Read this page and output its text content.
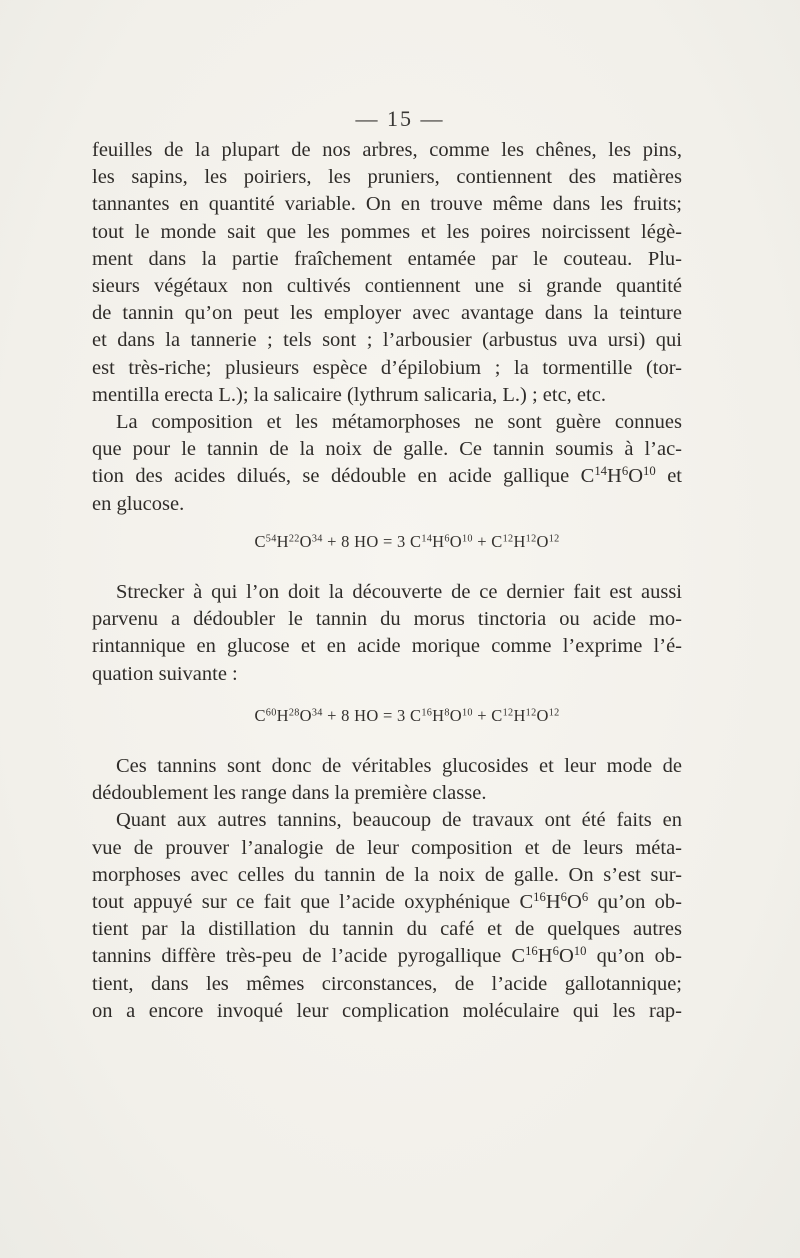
— 15 —
feuilles de la plupart de nos arbres, comme les chênes, les pins,
les sapins, les poiriers, les pruniers, contiennent des matières
tannantes en quantité variable. On en trouve même dans les fruits;
tout le monde sait que les pommes et les poires noircissent légè-
ment dans la partie fraîchement entamée par le couteau. Plu-
sieurs végétaux non cultivés contiennent une si grande quantité
de tannin qu’on peut les employer avec avantage dans la teinture
et dans la tannerie ; tels sont ; l’arbousier (arbustus uva ursi) qui
est très-riche; plusieurs espèce d’épilobium ; la tormentille (tor-
mentilla erecta L.); la salicaire (lythrum salicaria, L.) ; etc, etc.
La composition et les métamorphoses ne sont guère connues
que pour le tannin de la noix de galle. Ce tannin soumis à l’ac-
tion des acides dilués, se dédouble en acide gallique $C^{14}H^6O^{10}$ et
en glucose.
$C^{54}H^{22}O^{34} + 8$ HO = 3 $C^{14}H^6O^{10} + C^{12}H^{12}O^{12}$
Strecker à qui l’on doit la découverte de ce dernier fait est aussi
parvenu a dédoubler le tannin du morus tinctoria ou acide mo-
rintannique en glucose et en acide morique comme l’exprime l’é-
quation suivante :
$C^{60}H^{28}O^{34} + 8$ HO = 3 $C^{16}H^8O^{10} + C^{12}H^{12}O^{12}$
Ces tannins sont donc de véritables glucosides et leur mode de
dédoublement les range dans la première classe.
Quant aux autres tannins, beaucoup de travaux ont été faits en
vue de prouver l’analogie de leur composition et de leurs méta-
morphoses avec celles du tannin de la noix de galle. On s’est sur-
tout appuyé sur ce fait que l’acide oxyphénique $C^{16}H^6O^6$ qu’on ob-
tient par la distillation du tannin du café et de quelques autres
tannins diffère très-peu de l’acide pyrogallique $C^{16}H^6O^{10}$ qu’on ob-
tient, dans les mêmes circonstances, de l’acide gallotannique;
on a encore invoqué leur complication moléculaire qui les rap-
